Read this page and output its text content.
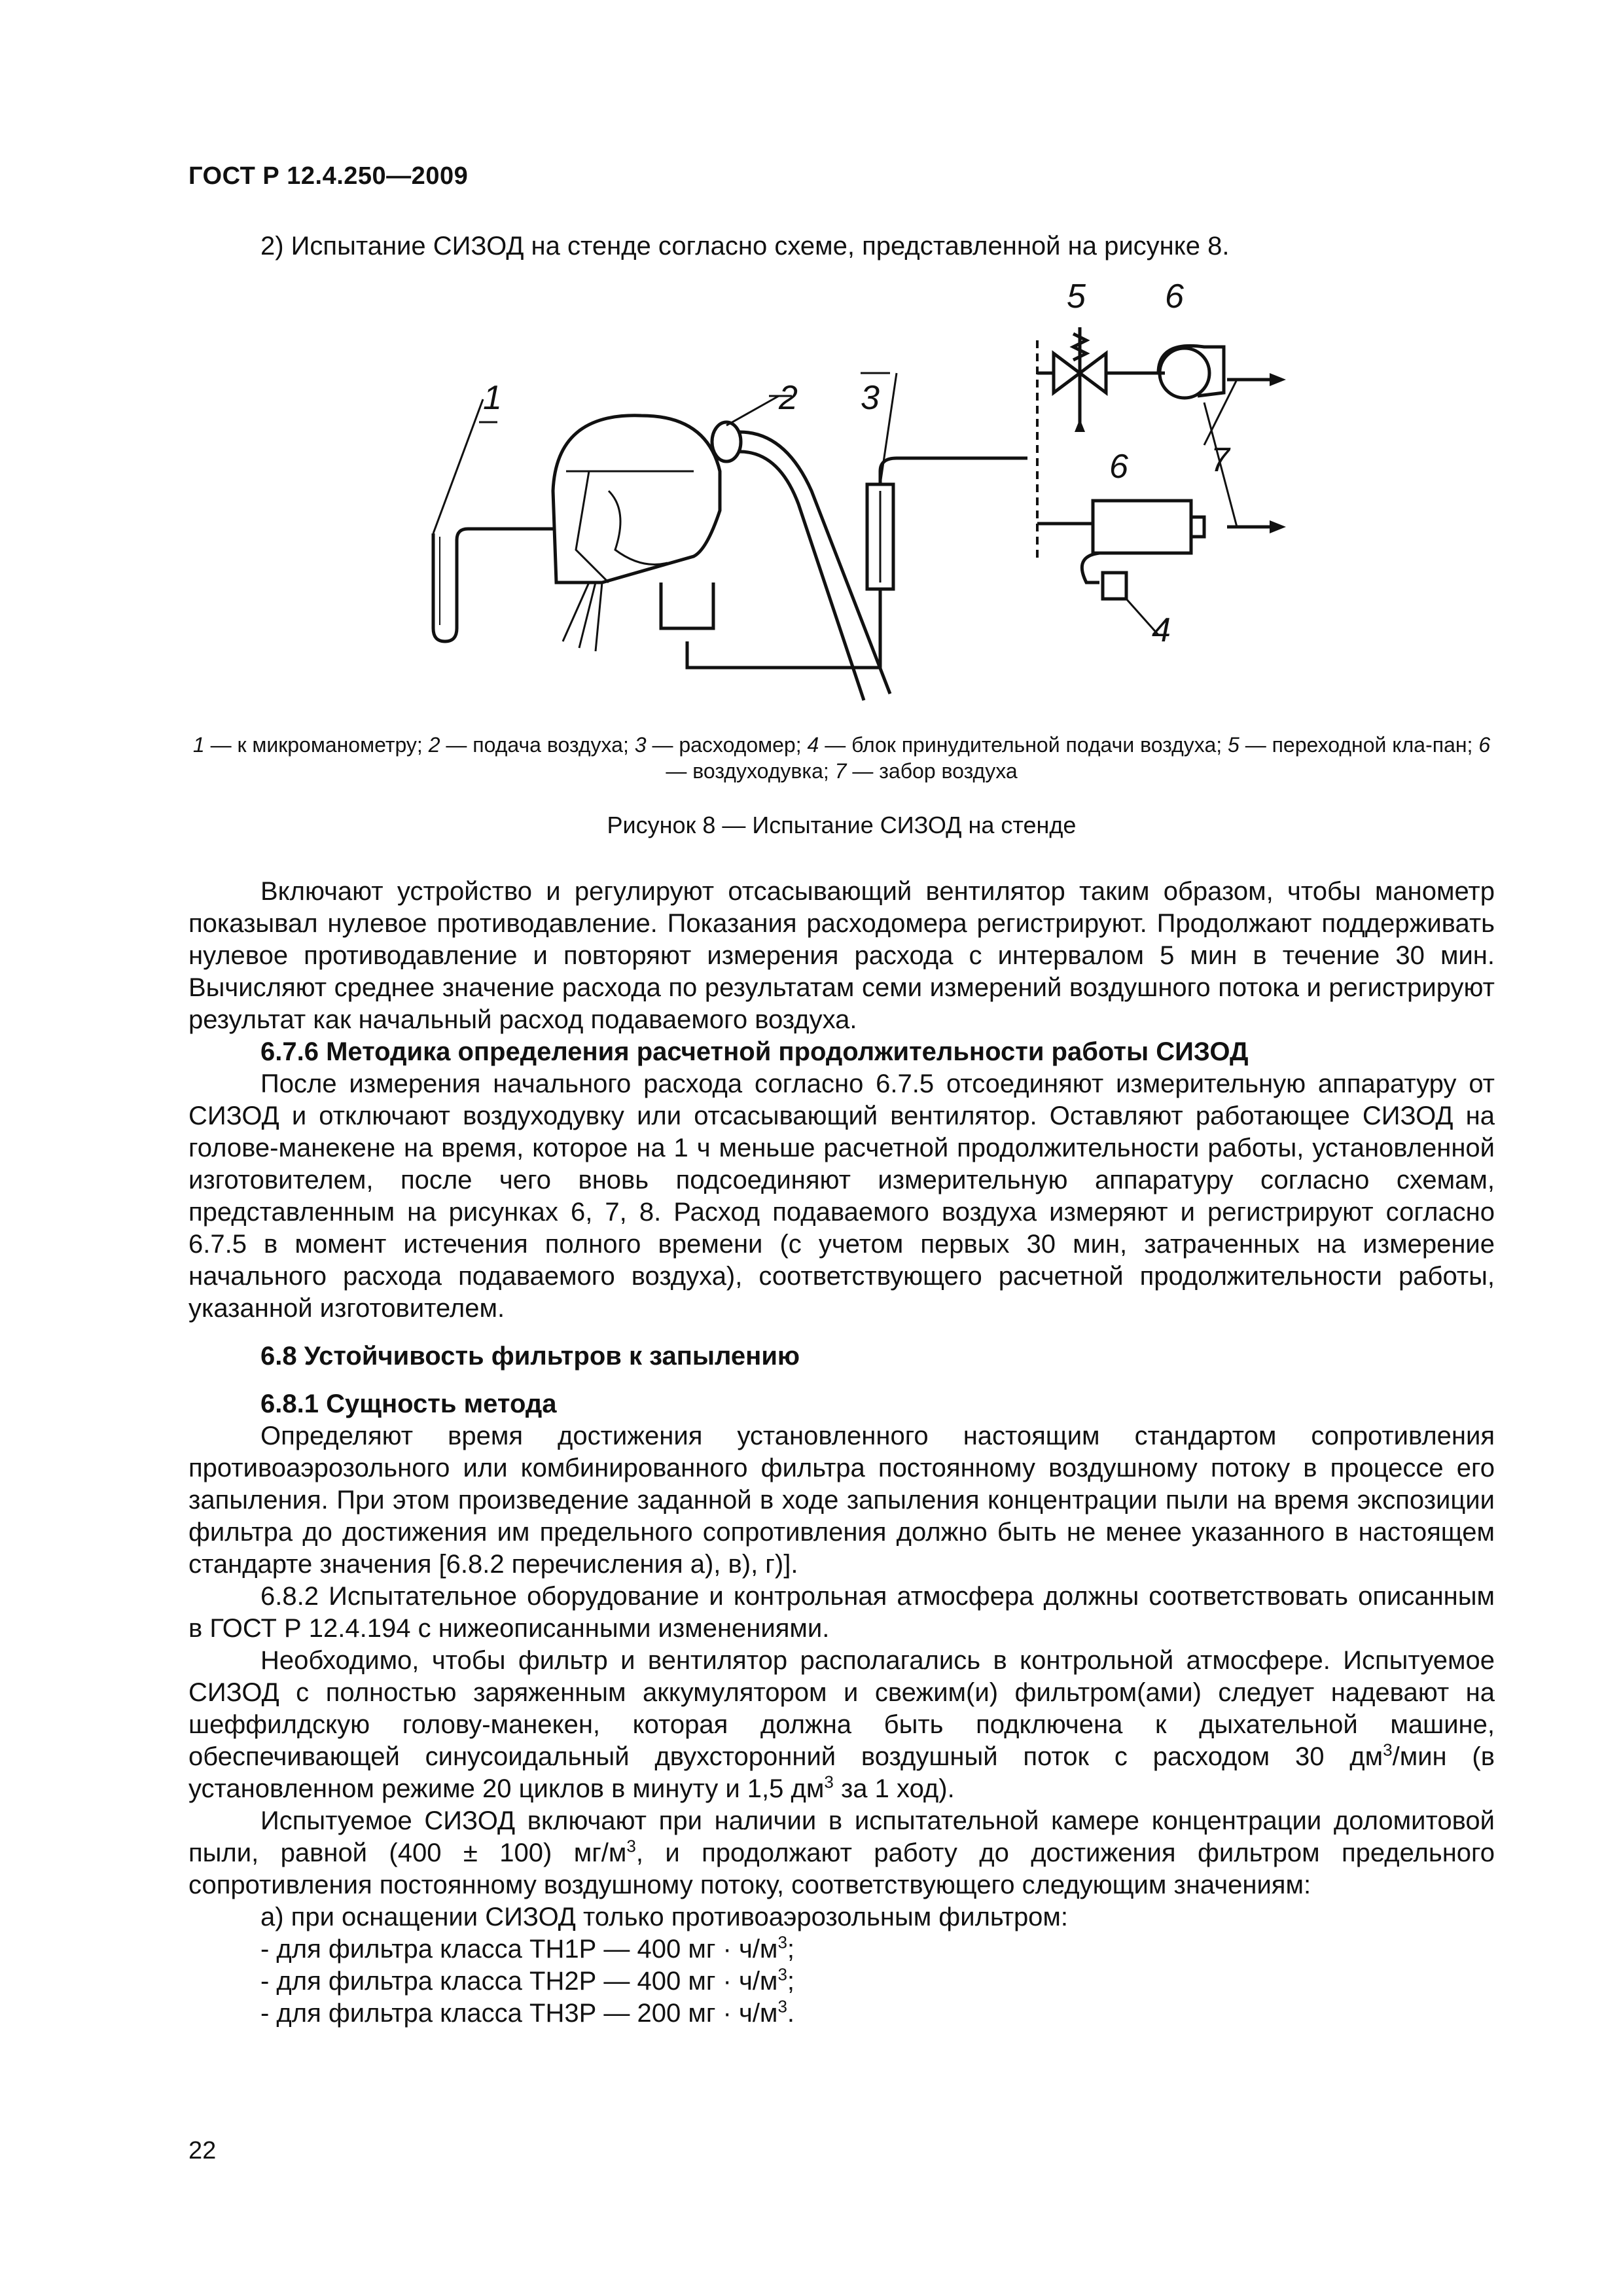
ГОСТ Р 12.4.250—2009

2) Испытание СИЗОД на стенде согласно схеме, представленной на рисунке 8.

1	2 3
4
5 6
6 7
1 — к микроманометру; 2 — подача воздуха; 3 — расходомер; 4 — блок принудительной подачи воздуха; 5 — переходной кла-пан; 6 — воздуходувка; 7 — забор воздуха
Рисунок 8 — Испытание СИЗОД на стенде

Включают устройство и регулируют отсасывающий вентилятор таким образом, чтобы манометр показывал нулевое противодавление. Показания расходомера регистрируют. Продолжают поддерживать нулевое противодавление и повторяют измерения расхода с интервалом 5 мин в течение 30 мин. Вычисляют среднее значение расхода по результатам семи измерений воздушного потока и регистрируют результат как начальный расход подаваемого воздуха.

6.7.6 Методика определения расчетной продолжительности работы СИЗОД

После измерения начального расхода согласно 6.7.5 отсоединяют измерительную аппаратуру от СИЗОД и отключают воздуходувку или отсасывающий вентилятор. Оставляют работающее СИЗОД на голове-манекене на время, которое на 1 ч меньше расчетной продолжительности работы, установленной изготовителем, после чего вновь подсоединяют измерительную аппаратуру согласно схемам, представленным на рисунках 6, 7, 8. Расход подаваемого воздуха измеряют и регистрируют согласно 6.7.5 в момент истечения полного времени (с учетом первых 30 мин, затраченных на измерение начального расхода подаваемого воздуха), соответствующего расчетной продолжительности работы, указанной изготовителем.

6.8 Устойчивость фильтров к запылению

6.8.1 Сущность метода

Определяют время достижения установленного настоящим стандартом сопротивления противоаэрозольного или комбинированного фильтра постоянному воздушному потоку в процессе его запыления. При этом произведение заданной в ходе запыления концентрации пыли на время экспозиции фильтра до достижения им предельного сопротивления должно быть не менее указанного в настоящем стандарте значения [6.8.2 перечисления а), в), г)].

6.8.2 Испытательное оборудование и контрольная атмосфера должны соответствовать описанным в ГОСТ Р 12.4.194 с нижеописанными изменениями.

Необходимо, чтобы фильтр и вентилятор располагались в контрольной атмосфере. Испытуемое СИЗОД с полностью заряженным аккумулятором и свежим(и) фильтром(ами) следует надевают на шеффилдскую голову-манекен, которая должна быть подключена к дыхательной машине, обеспечивающей синусоидальный двухсторонний воздушный поток с расходом 30 $дм^3$/мин (в установленном режиме 20 циклов в минуту и 1,5 $дм^3$ за 1 ход).

Испытуемое СИЗОД включают при наличии в испытательной камере концентрации доломитовой пыли, равной (400 ± 100) $мг/м^3$, и продолжают работу до достижения фильтром предельного сопротивления постоянному воздушному потоку, соответствующего следующим значениям:

а) при оснащении СИЗОД только противоаэрозольным фильтром:

- для фильтра класса ТН1Р — 400 мг · $ч/м^3$;

- для фильтра класса ТН2Р — 400 мг · $ч/м^3$;

- для фильтра класса ТН3Р — 200 мг · $ч/м^3$.

22
